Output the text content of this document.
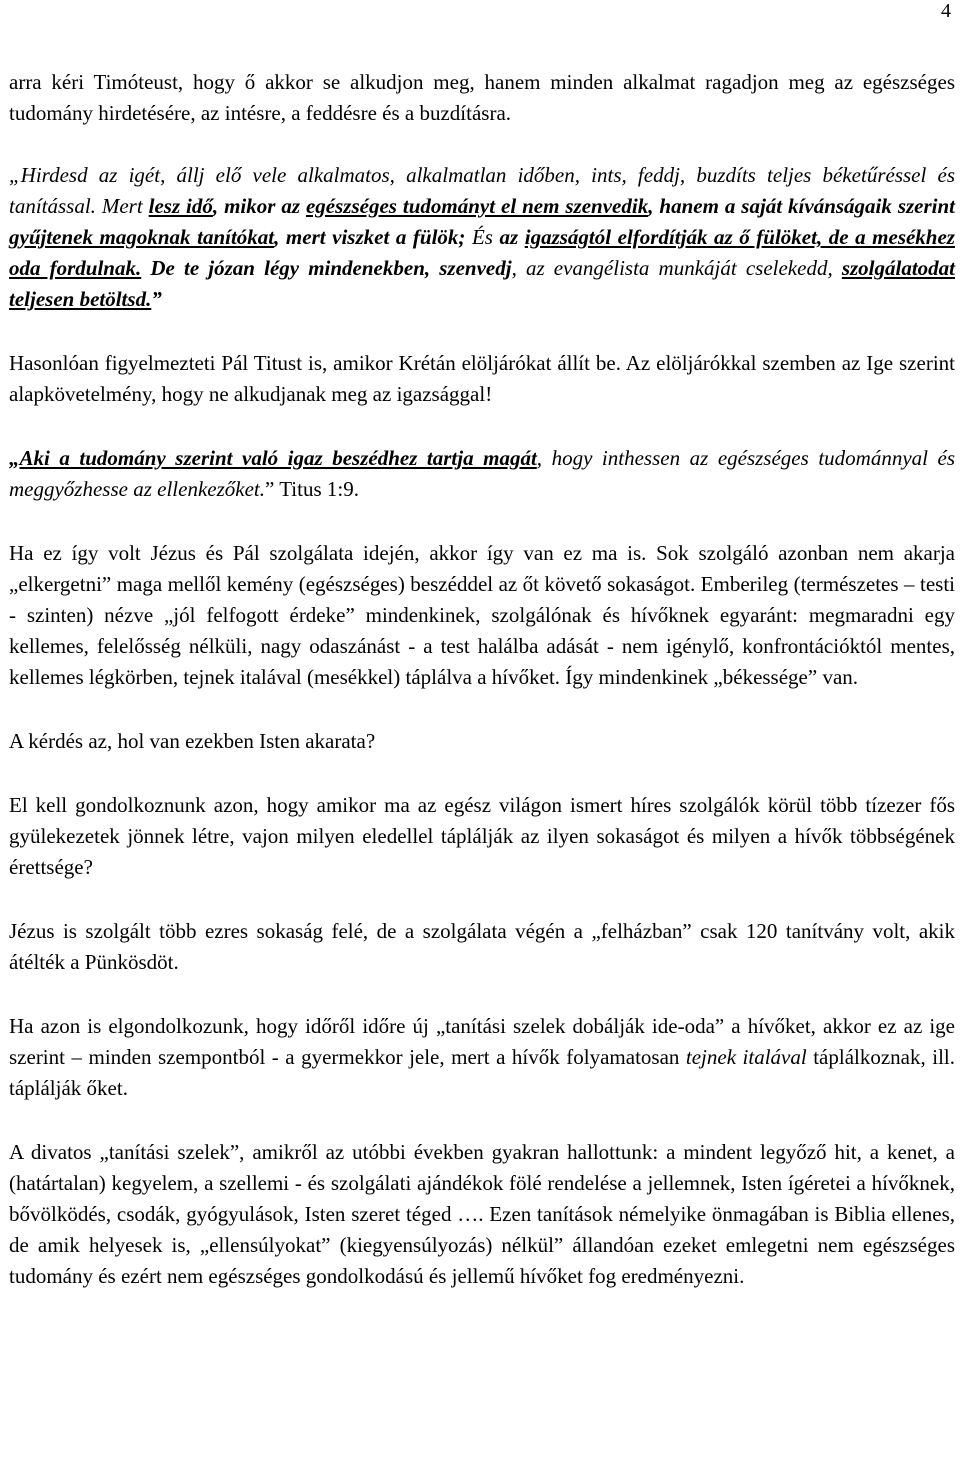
4

arra kéri Timóteust, hogy ő akkor se alkudjon meg, hanem minden alkalmat ragadjon meg az egészséges tudomány hirdetésére, az intésre, a feddésre és a buzdításra.

„Hirdesd az igét, állj elő vele alkalmatos, alkalmatlan időben, ints, feddj, buzdíts teljes béketűréssel és tanítással. Mert lesz idő, mikor az egészséges tudományt el nem szenvedik, hanem a saját kívánságaik szerint gyűjtenek magoknak tanítókat, mert viszket a fülök; És az igazságtól elfordítják az ő fülöket, de a mesékhez oda fordulnak. De te józan légy mindenekben, szenvedj, az evangélista munkáját cselekedd, szolgálatodat teljesen betöltsd.”

Hasonlóan figyelmezteti Pál Titust is, amikor Krétán elöljárókat állít be. Az elöljárókkal szemben az Ige szerint alapkövetelmény, hogy ne alkudjanak meg az igazsággal!

„Aki a tudomány szerint való igaz beszédhez tartja magát, hogy inthessen az egészséges tudománnyal és meggyőzhesse az ellenkezőket.” Titus 1:9.

Ha ez így volt Jézus és Pál szolgálata idején, akkor így van ez ma is. Sok szolgáló azonban nem akarja „elkergetni” maga mellől kemény (egészséges) beszéddel az őt követő sokaságot. Emberileg (természetes – testi - szinten) nézve „jól felfogott érdeke” mindenkinek, szolgálónak és hívőknek egyaránt: megmaradni egy kellemes, felelősség nélküli, nagy odaszánást - a test halálba adását - nem igénylő, konfrontációktól mentes, kellemes légkörben, tejnek italával (mesékkel) táplálva a hívőket. Így mindenkinek „békessége” van.

A kérdés az, hol van ezekben Isten akarata?

El kell gondolkoznunk azon, hogy amikor ma az egész világon ismert híres szolgálók körül több tízezer fős gyülekezetek jönnek létre, vajon milyen eledellel táplálják az ilyen sokaságot és milyen a hívők többségének érettsége?

Jézus is szolgált több ezres sokaság felé, de a szolgálata végén a „felházban” csak 120 tanítvány volt, akik átélték a Pünkösdöt.

Ha azon is elgondolkozunk, hogy időről időre új „tanítási szelek dobálják ide-oda” a hívőket, akkor ez az ige szerint – minden szempontból - a gyermekkor jele, mert a hívők folyamatosan tejnek italával táplálkoznak, ill. táplálják őket.

A divatos „tanítási szelek”, amikről az utóbbi években gyakran hallottunk: a mindent legyőző hit, a kenet, a (határtalan) kegyelem, a szellemi - és szolgálati ajándékok fölé rendelése a jellemnek, Isten ígéretei a hívőknek, bővölködés, csodák, gyógyulások, Isten szeret téged …. Ezen tanítások némelyike önmagában is Biblia ellenes, de amik helyesek is, „ellensúlyokat” (kiegyensúlyozás) nélkül” állandóan ezeket emlegetni nem egészséges tudomány és ezért nem egészséges gondolkodású és jellemű hívőket fog eredményezni.
